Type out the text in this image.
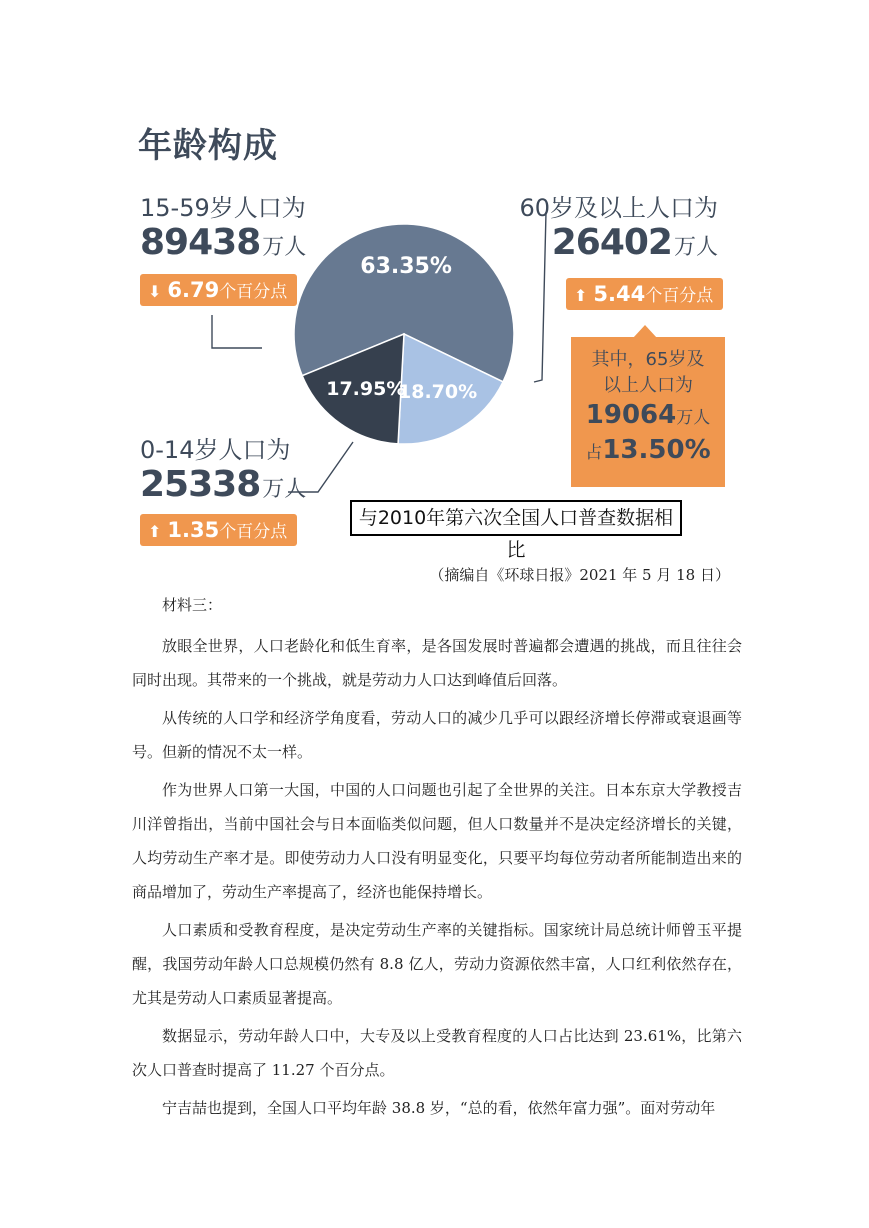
年龄构成
15-59岁人口为
89438万人
⬇ 6.79个百分点
60岁及以上人口为
26402万人
⬆ 5.44个百分点
其中，65岁及
以上人口为
19064万人
占13.50%
0-14岁人口为
25338万人
⬆ 1.35个百分点
63.35%
18.70%
17.95%
与2010年第六次全国人口普查数据相比
（摘编自《环球日报》2021 年 5 月 18 日）

材料三：

放眼全世界，人口老龄化和低生育率，是各国发展时普遍都会遭遇的挑战，而且往往会同时出现。其带来的一个挑战，就是劳动力人口达到峰值后回落。

从传统的人口学和经济学角度看，劳动人口的减少几乎可以跟经济增长停滞或衰退画等号。但新的情况不太一样。

作为世界人口第一大国，中国的人口问题也引起了全世界的关注。日本东京大学教授吉川洋曾指出，当前中国社会与日本面临类似问题，但人口数量并不是决定经济增长的关键，人均劳动生产率才是。即使劳动力人口没有明显变化，只要平均每位劳动者所能制造出来的商品增加了，劳动生产率提高了，经济也能保持增长。

人口素质和受教育程度，是决定劳动生产率的关键指标。国家统计局总统计师曾玉平提醒，我国劳动年龄人口总规模仍然有 8.8 亿人，劳动力资源依然丰富，人口红利依然存在，尤其是劳动人口素质显著提高。

数据显示，劳动年龄人口中，大专及以上受教育程度的人口占比达到 23.61%，比第六次人口普查时提高了 11.27 个百分点。

宁吉喆也提到，全国人口平均年龄 38.8 岁，“总的看，依然年富力强”。面对劳动年
